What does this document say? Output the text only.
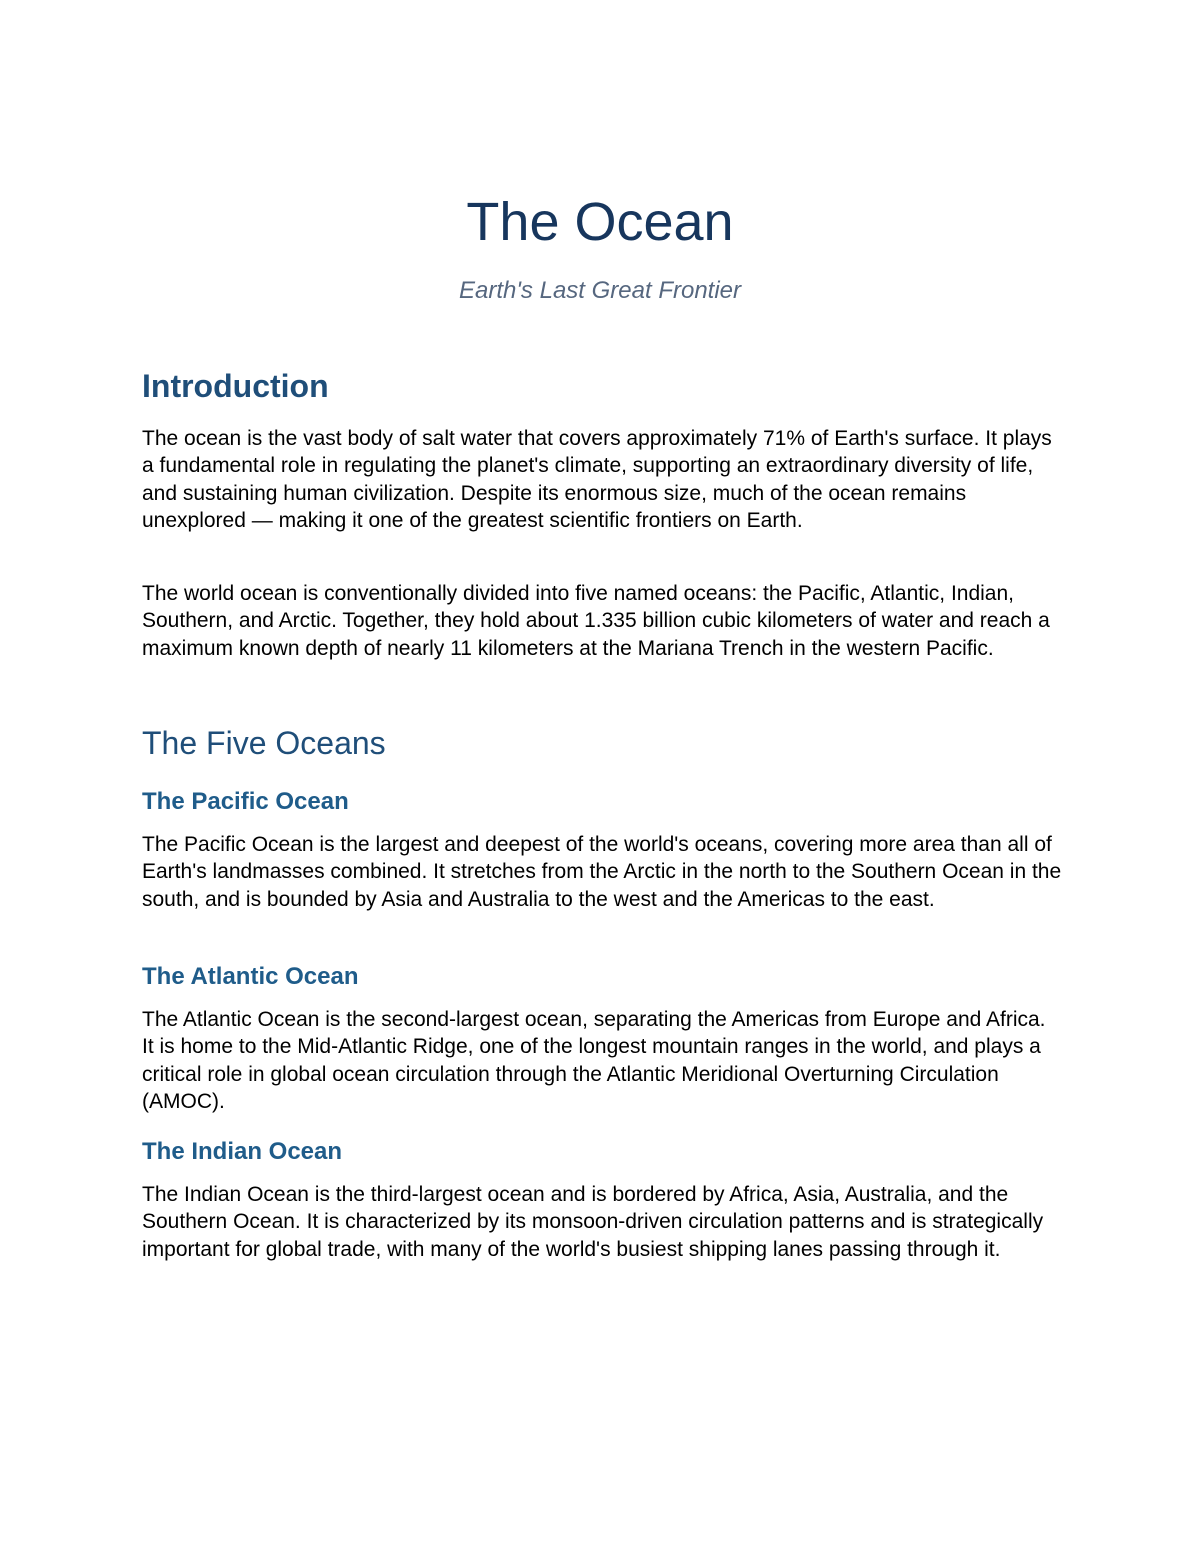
The Ocean

Earth's Last Great Frontier

Introduction

The ocean is the vast body of salt water that covers approximately 71% of Earth's surface. It plays a fundamental role in regulating the planet's climate, supporting an extraordinary diversity of life, and sustaining human civilization. Despite its enormous size, much of the ocean remains unexplored — making it one of the greatest scientific frontiers on Earth.

The world ocean is conventionally divided into five named oceans: the Pacific, Atlantic, Indian, Southern, and Arctic. Together, they hold about 1.335 billion cubic kilometers of water and reach a maximum known depth of nearly 11 kilometers at the Mariana Trench in the western Pacific.

The Five Oceans
The Pacific Ocean

The Pacific Ocean is the largest and deepest of the world's oceans, covering more area than all of Earth's landmasses combined. It stretches from the Arctic in the north to the Southern Ocean in the south, and is bounded by Asia and Australia to the west and the Americas to the east.

The Atlantic Ocean

The Atlantic Ocean is the second-largest ocean, separating the Americas from Europe and Africa. It is home to the Mid-Atlantic Ridge, one of the longest mountain ranges in the world, and plays a critical role in global ocean circulation through the Atlantic Meridional Overturning Circulation (AMOC).

The Indian Ocean

The Indian Ocean is the third-largest ocean and is bordered by Africa, Asia, Australia, and the Southern Ocean. It is characterized by its monsoon-driven circulation patterns and is strategically important for global trade, with many of the world's busiest shipping lanes passing through it.
